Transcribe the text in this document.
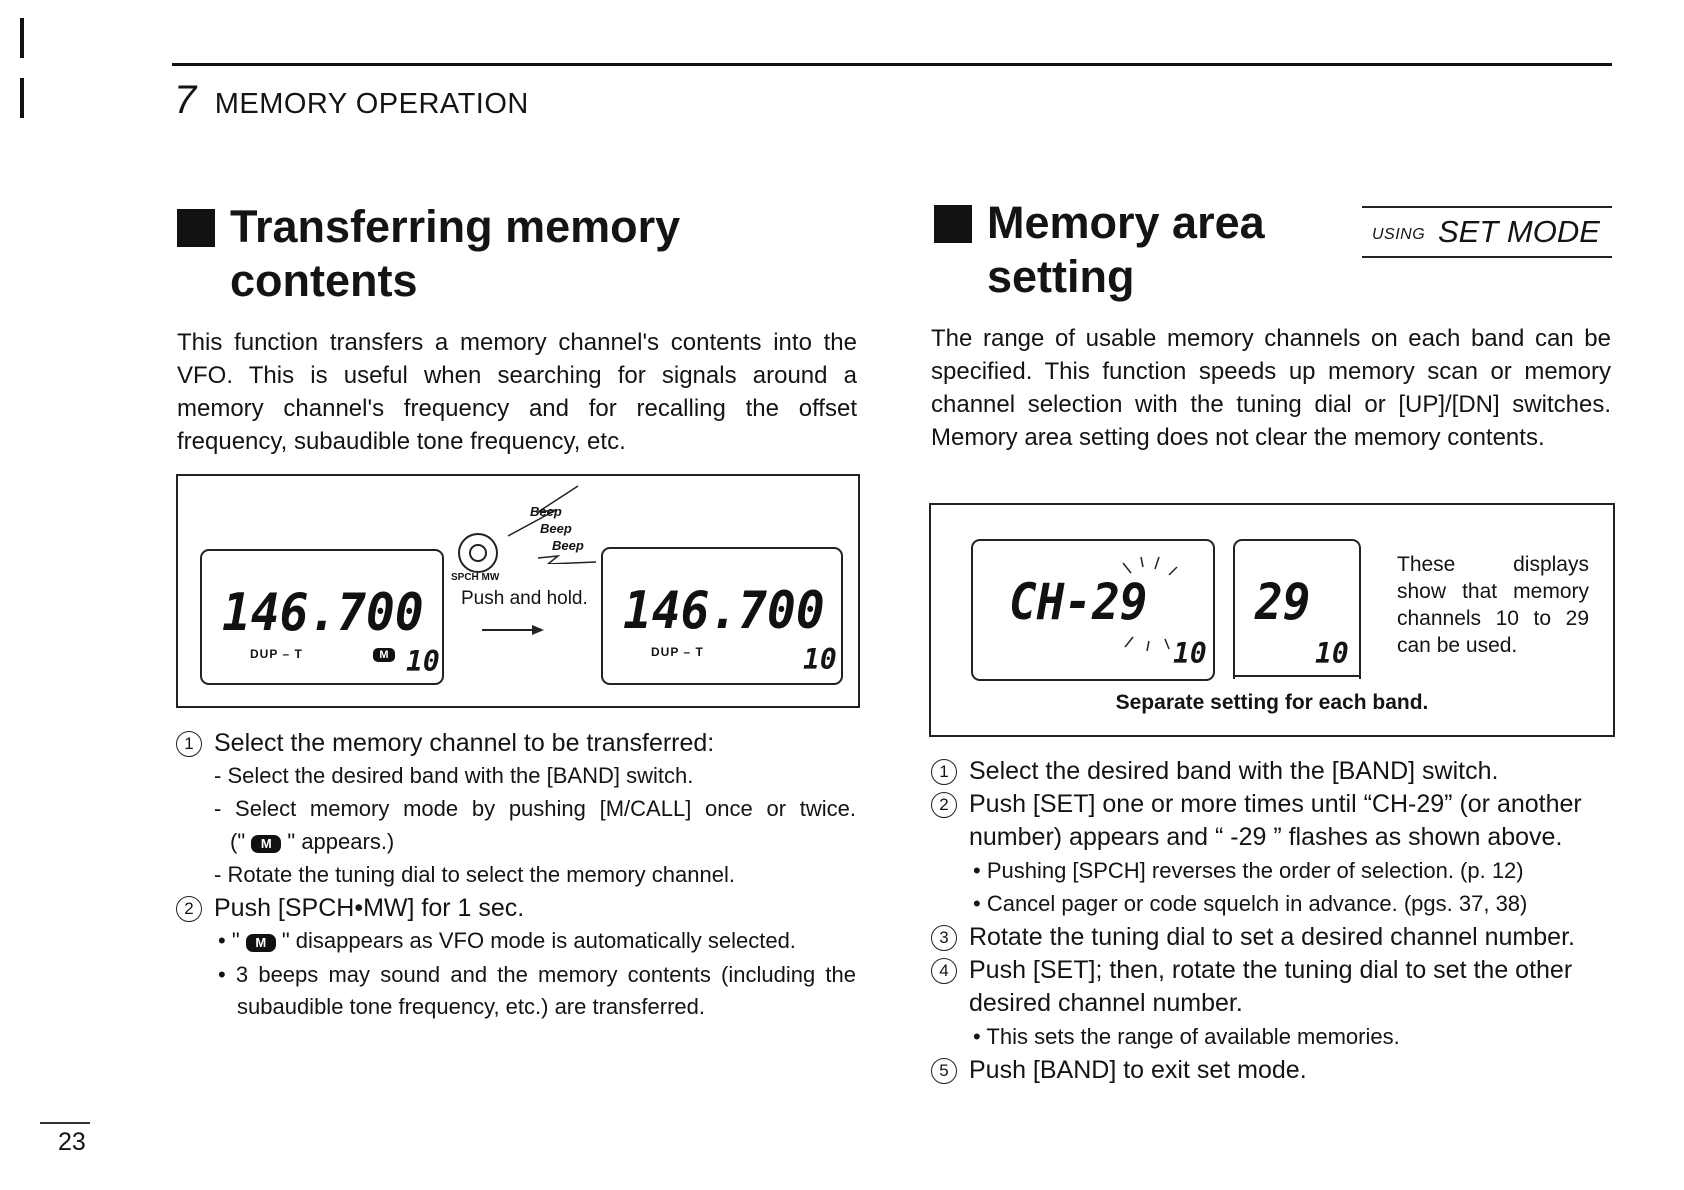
7 MEMORY OPERATION
Transferring memory
contents
This function transfers a memory channel's contents into the VFO. This is useful when searching for signals around a memory channel's frequency and for recalling the offset frequency, subaudible tone frequency, etc.
146.700
DUP – T	M 10
SPCH MW
Beep
Beep
Beep
Push and hold. 146.700
DUP – T	10
1 Select the memory channel to be transferred:
- Select the desired band with the [BAND] switch.
- Select memory mode by pushing [M/CALL] once or twice.
(" M " appears.)
- Rotate the tuning dial to select the memory channel.
2 Push [SPCH•MW] for 1 sec.
• " M " disappears as VFO mode is automatically selected.
• 3 beeps may sound and the memory contents (including the
subaudible tone frequency, etc.) are transferred.
Memory area
setting
USING SET MODE
The range of usable memory channels on each band can be specified. This function speeds up memory scan or memory channel selection with the tuning dial or [UP]/[DN] switches. Memory area setting does not clear the memory contents.
CH-29
10
29
10
These displays show that memory channels 10 to 29 can be used.
Separate setting for each band.
1 Select the desired band with the [BAND] switch.
2 Push [SET] one or more times until “CH-29” (or another
number) appears and “ -29 ” flashes as shown above.
• Pushing [SPCH] reverses the order of selection. (p. 12)
• Cancel pager or code squelch in advance. (pgs. 37, 38)
3 Rotate the tuning dial to set a desired channel number.
4 Push [SET]; then, rotate the tuning dial to set the other
desired channel number.
• This sets the range of available memories.
5 Push [BAND] to exit set mode.
23
